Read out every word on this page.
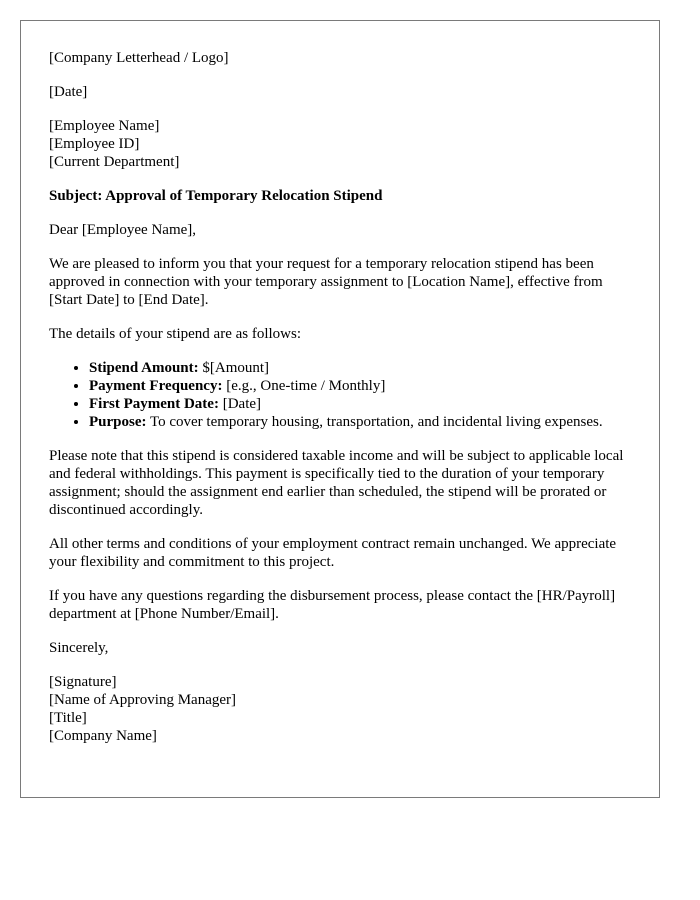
[Company Letterhead / Logo]
[Date]
[Employee Name]
[Employee ID]
[Current Department]
Subject: Approval of Temporary Relocation Stipend
Dear [Employee Name],
We are pleased to inform you that your request for a temporary relocation stipend has been approved in connection with your temporary assignment to [Location Name], effective from [Start Date] to [End Date].
The details of your stipend are as follows:
• Stipend Amount: $[Amount]
• Payment Frequency: [e.g., One-time / Monthly]
• First Payment Date: [Date]
• Purpose: To cover temporary housing, transportation, and incidental living expenses.
Please note that this stipend is considered taxable income and will be subject to applicable local and federal withholdings. This payment is specifically tied to the duration of your temporary assignment; should the assignment end earlier than scheduled, the stipend will be prorated or discontinued accordingly.
All other terms and conditions of your employment contract remain unchanged. We appreciate your flexibility and commitment to this project.
If you have any questions regarding the disbursement process, please contact the [HR/Payroll] department at [Phone Number/Email].
Sincerely,
[Signature]
[Name of Approving Manager]
[Title]
[Company Name]
